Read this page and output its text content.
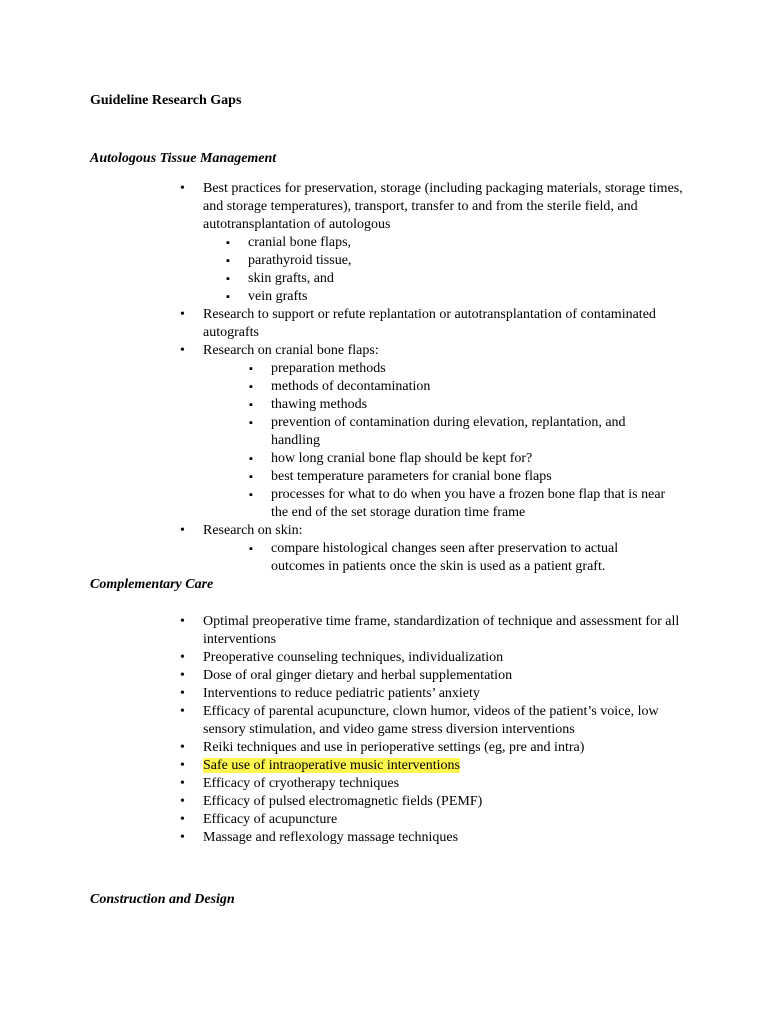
Guideline Research Gaps
Autologous Tissue Management
• Best practices for preservation, storage (including packaging materials, storage times, and storage temperatures), transport, transfer to and from the sterile field, and autotransplantation of autologous
▪ cranial bone flaps,
▪ parathyroid tissue,
▪ skin grafts, and
▪ vein grafts
• Research to support or refute replantation or autotransplantation of contaminated autografts
• Research on cranial bone flaps:
▪ preparation methods
▪ methods of decontamination
▪ thawing methods
▪ prevention of contamination during elevation, replantation, and handling
▪ how long cranial bone flap should be kept for?
▪ best temperature parameters for cranial bone flaps
▪ processes for what to do when you have a frozen bone flap that is near the end of the set storage duration time frame
• Research on skin:
▪ compare histological changes seen after preservation to actual outcomes in patients once the skin is used as a patient graft.
Complementary Care
• Optimal preoperative time frame, standardization of technique and assessment for all interventions
• Preoperative counseling techniques, individualization
• Dose of oral ginger dietary and herbal supplementation
• Interventions to reduce pediatric patients’ anxiety
• Efficacy of parental acupuncture, clown humor, videos of the patient’s voice, low sensory stimulation, and video game stress diversion interventions
• Reiki techniques and use in perioperative settings (eg, pre and intra)
• Safe use of intraoperative music interventions
• Efficacy of cryotherapy techniques
• Efficacy of pulsed electromagnetic fields (PEMF)
• Efficacy of acupuncture
• Massage and reflexology massage techniques
Construction and Design
